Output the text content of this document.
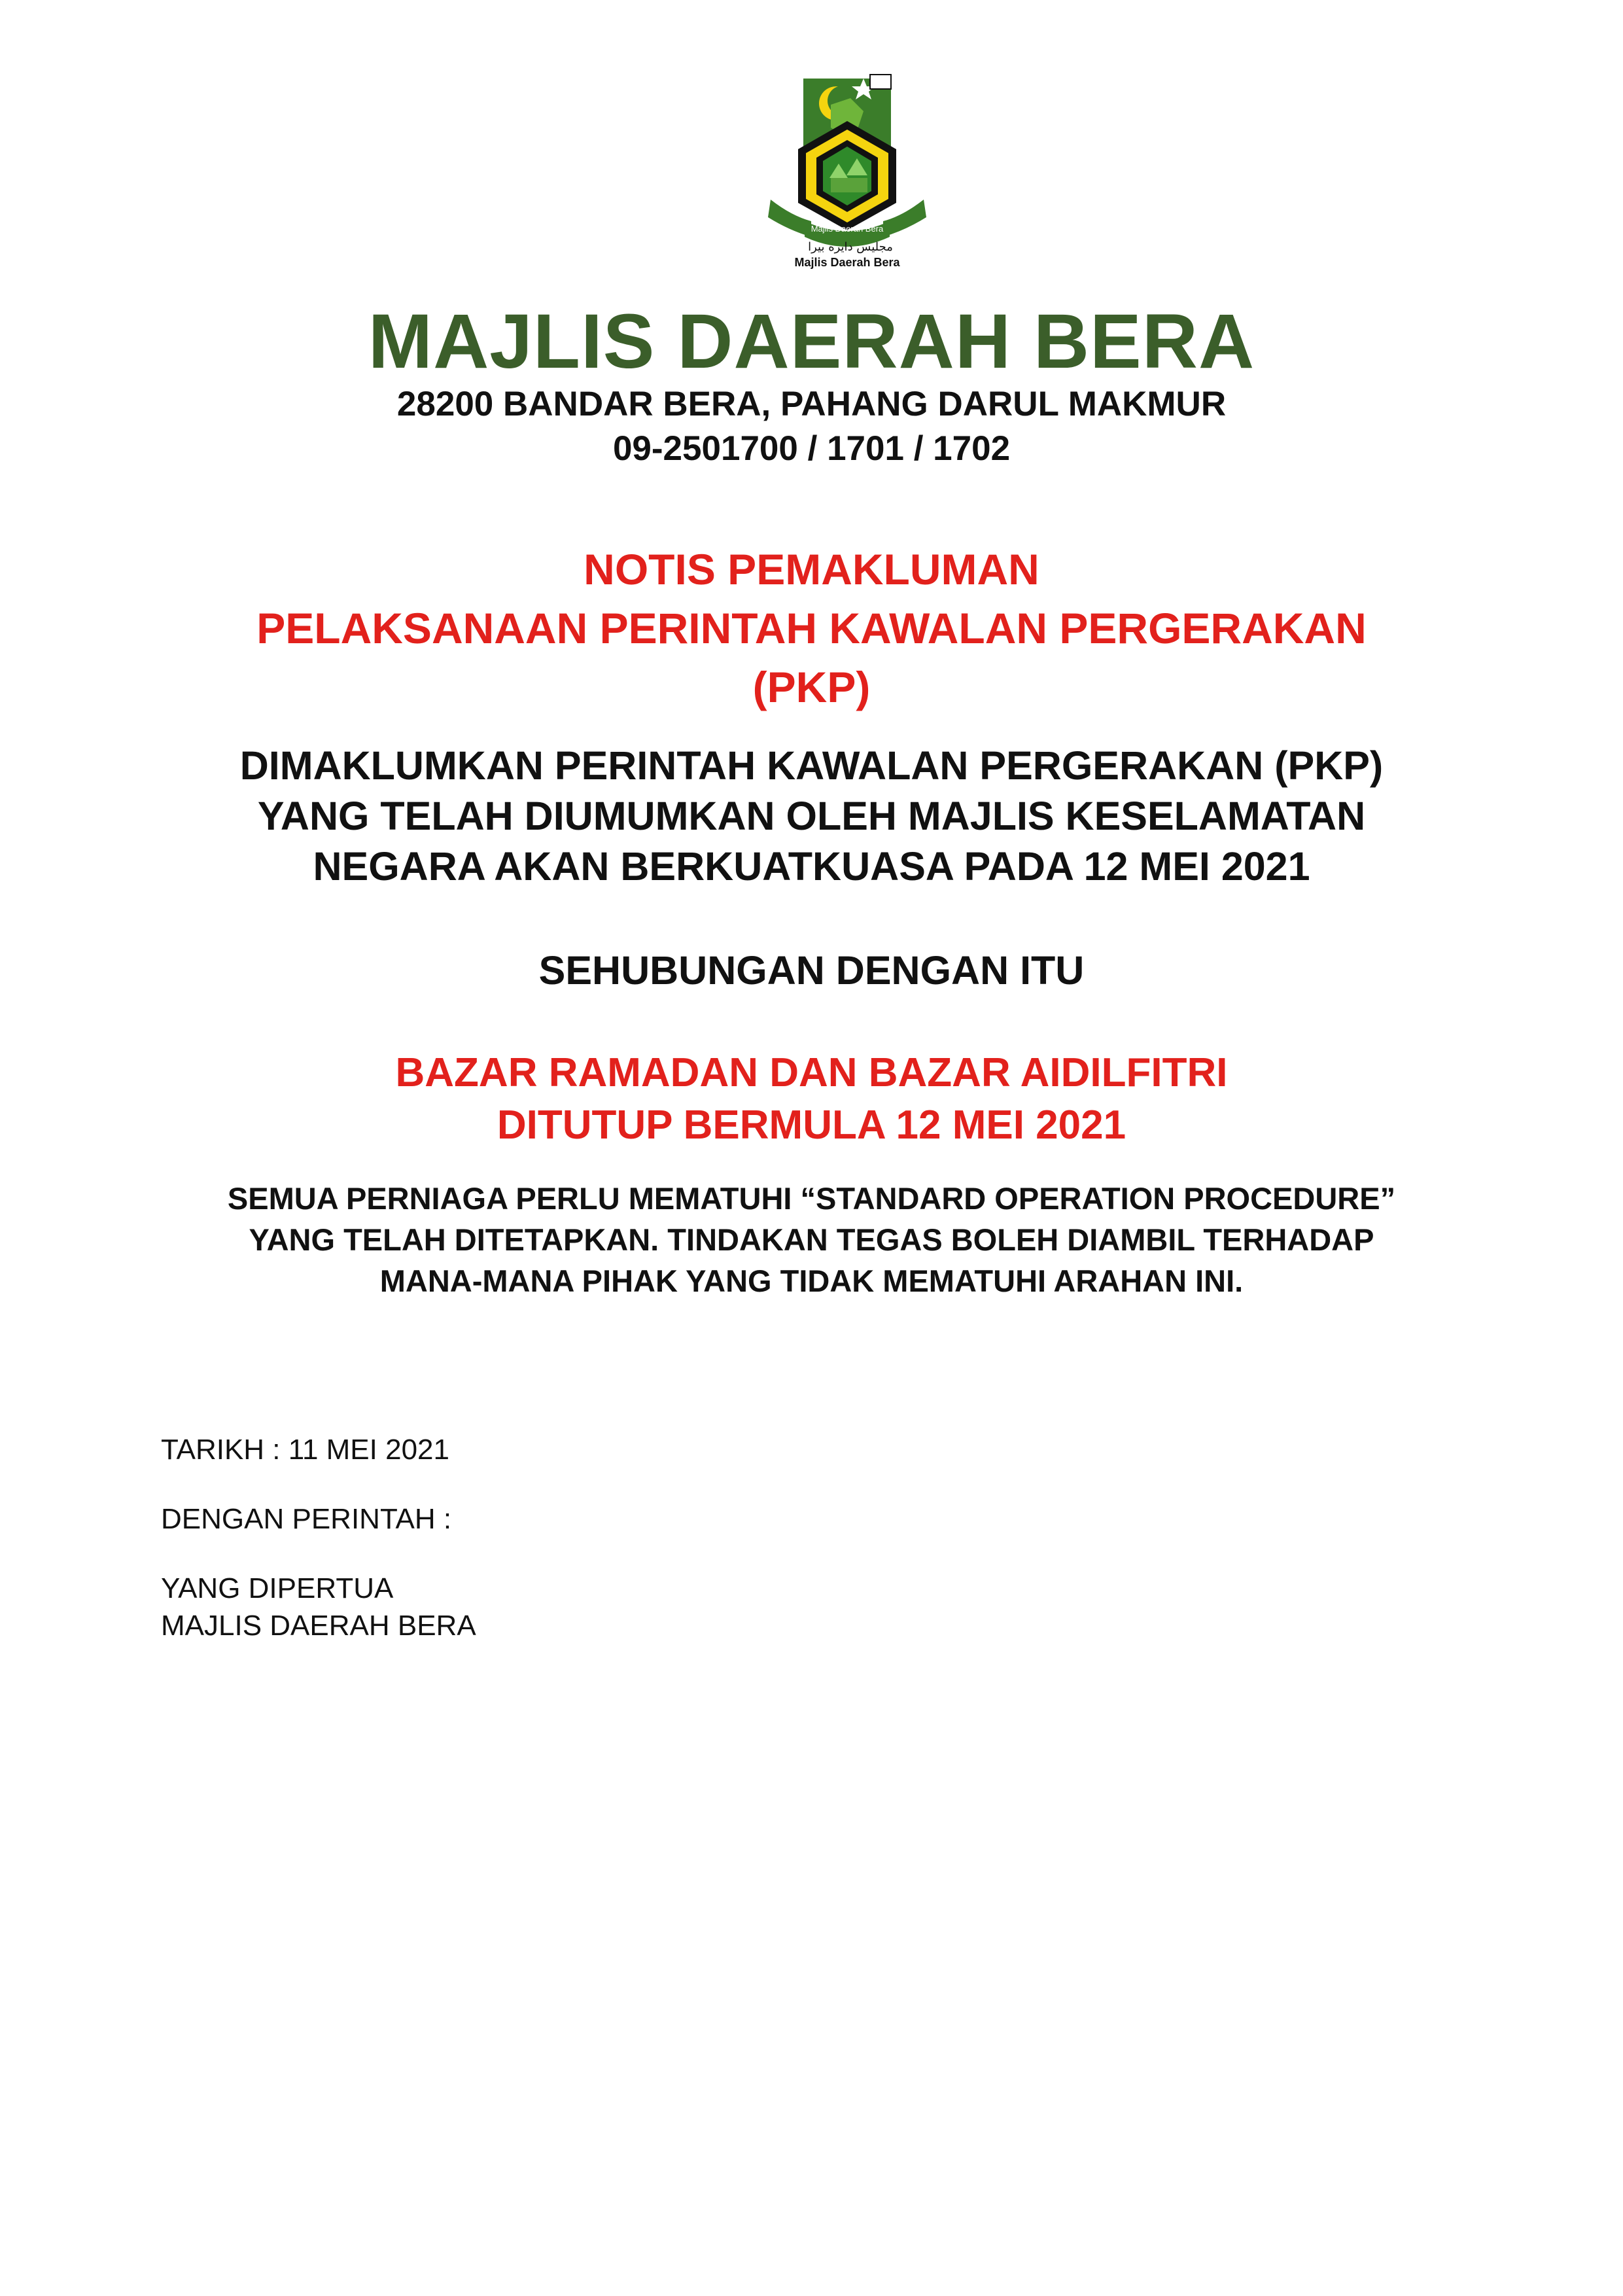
Majlis Daerah Bera
مجليس دايره بيرا
Majlis Daerah Bera
MAJLIS DAERAH BERA
28200 BANDAR BERA, PAHANG DARUL MAKMUR
09-2501700 / 1701 / 1702
NOTIS PEMAKLUMAN
PELAKSANAAN PERINTAH KAWALAN PERGERAKAN
(PKP)
DIMAKLUMKAN PERINTAH KAWALAN PERGERAKAN (PKP)
YANG TELAH DIUMUMKAN OLEH MAJLIS KESELAMATAN
NEGARA AKAN BERKUATKUASA PADA 12 MEI 2021
SEHUBUNGAN DENGAN ITU
BAZAR RAMADAN DAN BAZAR AIDILFITRI
DITUTUP BERMULA 12 MEI 2021
SEMUA PERNIAGA PERLU MEMATUHI “STANDARD OPERATION PROCEDURE”
YANG TELAH DITETAPKAN. TINDAKAN TEGAS BOLEH DIAMBIL TERHADAP
MANA-MANA PIHAK YANG TIDAK MEMATUHI ARAHAN INI.
TARIKH : 11 MEI 2021
DENGAN PERINTAH :
YANG DIPERTUA
MAJLIS DAERAH BERA
